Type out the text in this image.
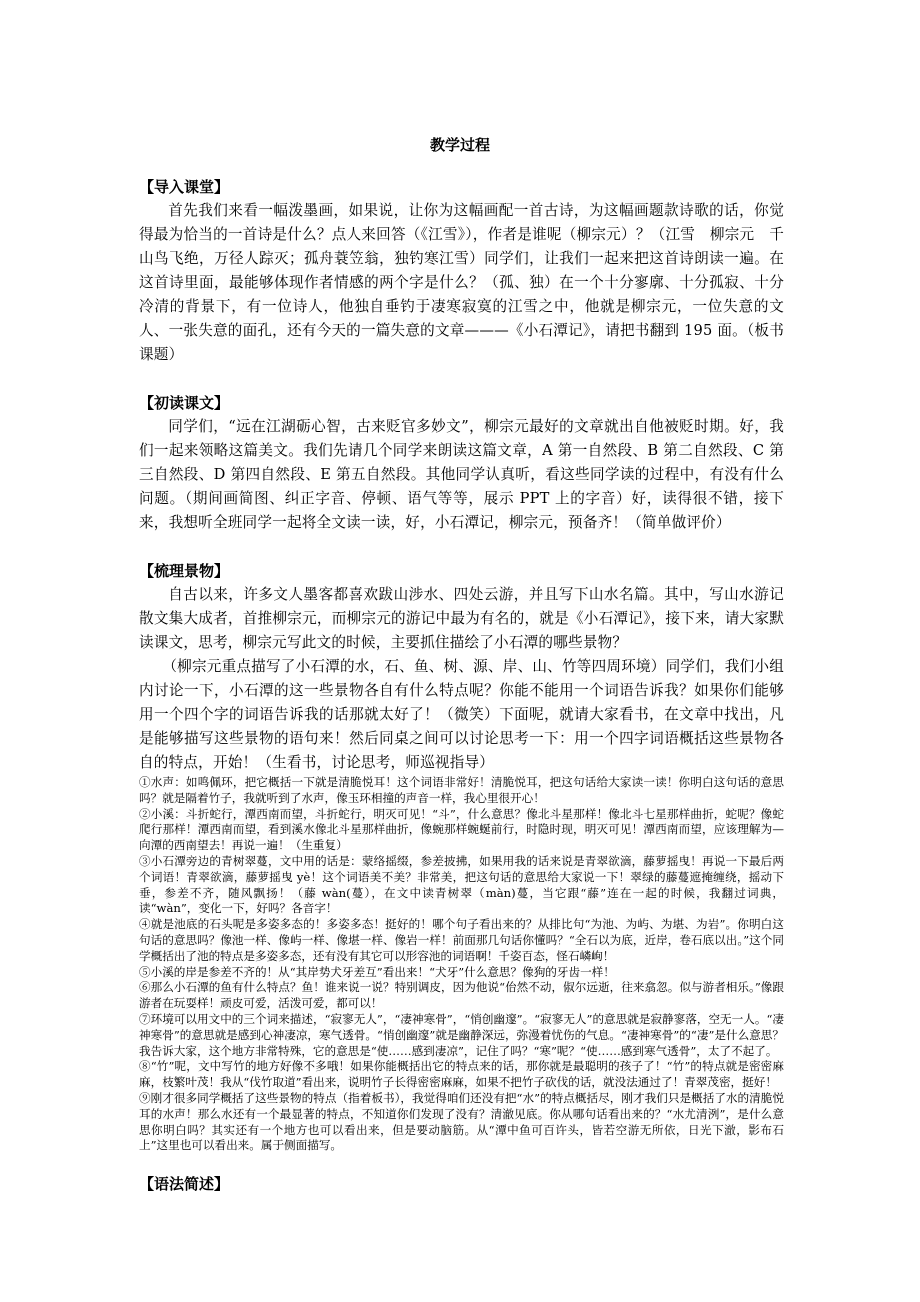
教学过程

【导入课堂】

首先我们来看一幅泼墨画，如果说，让你为这幅画配一首古诗，为这幅画题款诗歌的话，你觉得最为恰当的一首诗是什么？点人来回答（《江雪》），作者是谁呢（柳宗元）？（江雪　柳宗元　千山鸟飞绝，万径人踪灭；孤舟蓑笠翁，独钓寒江雪）同学们，让我们一起来把这首诗朗读一遍。在这首诗里面，最能够体现作者情感的两个字是什么？（孤、独）在一个十分寥廓、十分孤寂、十分冷清的背景下，有一位诗人，他独自垂钓于凄寒寂寞的江雪之中，他就是柳宗元，一位失意的文人、一张失意的面孔，还有今天的一篇失意的文章———《小石潭记》，请把书翻到 195 面。（板书课题）

【初读课文】

同学们，“远在江湖砺心智，古来贬官多妙文”，柳宗元最好的文章就出自他被贬时期。好，我们一起来领略这篇美文。我们先请几个同学来朗读这篇文章，A 第一自然段、B 第二自然段、C 第三自然段、D 第四自然段、E 第五自然段。其他同学认真听，看这些同学读的过程中，有没有什么问题。（期间画简图、纠正字音、停顿、语气等等，展示 PPT 上的字音）好，读得很不错，接下来，我想听全班同学一起将全文读一读，好，小石潭记，柳宗元，预备齐！（简单做评价）

【梳理景物】

自古以来，许多文人墨客都喜欢跋山涉水、四处云游，并且写下山水名篇。其中，写山水游记散文集大成者，首推柳宗元，而柳宗元的游记中最为有名的，就是《小石潭记》，接下来，请大家默读课文，思考，柳宗元写此文的时候，主要抓住描绘了小石潭的哪些景物？

（柳宗元重点描写了小石潭的水，石、鱼、树、源、岸、山、竹等四周环境）同学们，我们小组内讨论一下，小石潭的这一些景物各自有什么特点呢？你能不能用一个词语告诉我？如果你们能够用一个四个字的词语告诉我的话那就太好了！（微笑）下面呢，就请大家看书，在文章中找出，凡是能够描写这些景物的语句来！然后同桌之间可以讨论思考一下：用一个四字词语概括这些景物各自的特点，开始！（生看书，讨论思考，师巡视指导）

①水声：如鸣佩环，把它概括一下就是清脆悦耳！这个词语非常好！清脆悦耳，把这句话给大家读一读！你明白这句话的意思吗？就是隔着竹子，我就听到了水声，像玉环相撞的声音一样，我心里很开心！

②小溪：斗折蛇行，潭西南而望，斗折蛇行，明灭可见！“斗”，什么意思？像北斗星那样！像北斗七星那样曲折，蛇呢？像蛇爬行那样！潭西南而望，看到溪水像北斗星那样曲折，像蜿那样蜿蜒前行，时隐时现，明灭可见！潭西南而望，应该理解为—向潭的西南望去！再说一遍！（生重复）

③小石潭旁边的青树翠蔓，文中用的话是：蒙络摇缀，参差披拂，如果用我的话来说是青翠欲滴，藤萝摇曳！再说一下最后两个词语！青翠欲滴，藤萝摇曳 yè！这个词语美不美？非常美，把这句话的意思给大家说一下！翠绿的藤蔓遮掩缠绕，摇动下垂，参差不齐，随风飘扬！（藤 wàn(蔓），在文中读青树翠（màn)蔓，当它跟“藤”连在一起的时候，我翻过词典，读“wàn”，变化一下，好吗？各音字！

④就是池底的石头呢是多姿多态的！多姿多态！挺好的！哪个句子看出来的？从排比句“为池、为屿、为堪、为岩”。你明白这句话的意思吗？像池一样、像屿一样、像堪一样、像岩一样！前面那几句话你懂吗？“全石以为底，近岸，卷石底以出。”这个同学概括出了池的特点是多姿多态，还有没有其它可以形容池的词语啊！千姿百态，怪石嶙峋！

⑤小溪的岸是参差不齐的！从“其岸势犬牙差互”看出来！“犬牙”什么意思？像狗的牙齿一样！

⑥那么小石潭的鱼有什么特点？鱼！谁来说一说？特别调皮，因为他说“佁然不动，俶尔远逝，往来翕忽。似与游者相乐。”像跟游者在玩耍样！顽皮可爱，活泼可爱，都可以！

⑦环境可以用文中的三个词来描述，“寂寥无人”，“凄神寒骨”，“悄创幽邃”。“寂寥无人”的意思就是寂静寥落，空无一人。“凄神寒骨”的意思就是感到心神凄凉，寒气透骨。“悄创幽邃”就是幽静深远，弥漫着忧伤的气息。“凄神寒骨”的“凄”是什么意思？我告诉大家，这个地方非常特殊，它的意思是“使……感到凄凉”，记住了吗？“寒”呢？“使……感到寒气透骨”，太了不起了。

⑧“竹”呢，文中写竹的地方好像不多哦！如果你能概括出它的特点来的话，那你就是最聪明的孩子了！“竹”的特点就是密密麻麻，枝繁叶茂！我从“伐竹取道”看出来，说明竹子长得密密麻麻，如果不把竹子砍伐的话，就没法通过了！青翠茂密，挺好！

⑨刚才很多同学概括了这些景物的特点（指着板书），我觉得咱们还没有把“水”的特点概括尽，刚才我们只是概括了水的清脆悦耳的水声！那么水还有一个最显著的特点，不知道你们发现了没有？清澈见底。你从哪句话看出来的？“水尤清洌”，是什么意思你明白吗？其实还有一个地方也可以看出来，但是要动脑筋。从“潭中鱼可百许头，皆若空游无所依，日光下澈，影布石上”这里也可以看出来。属于侧面描写。

【语法简述】
